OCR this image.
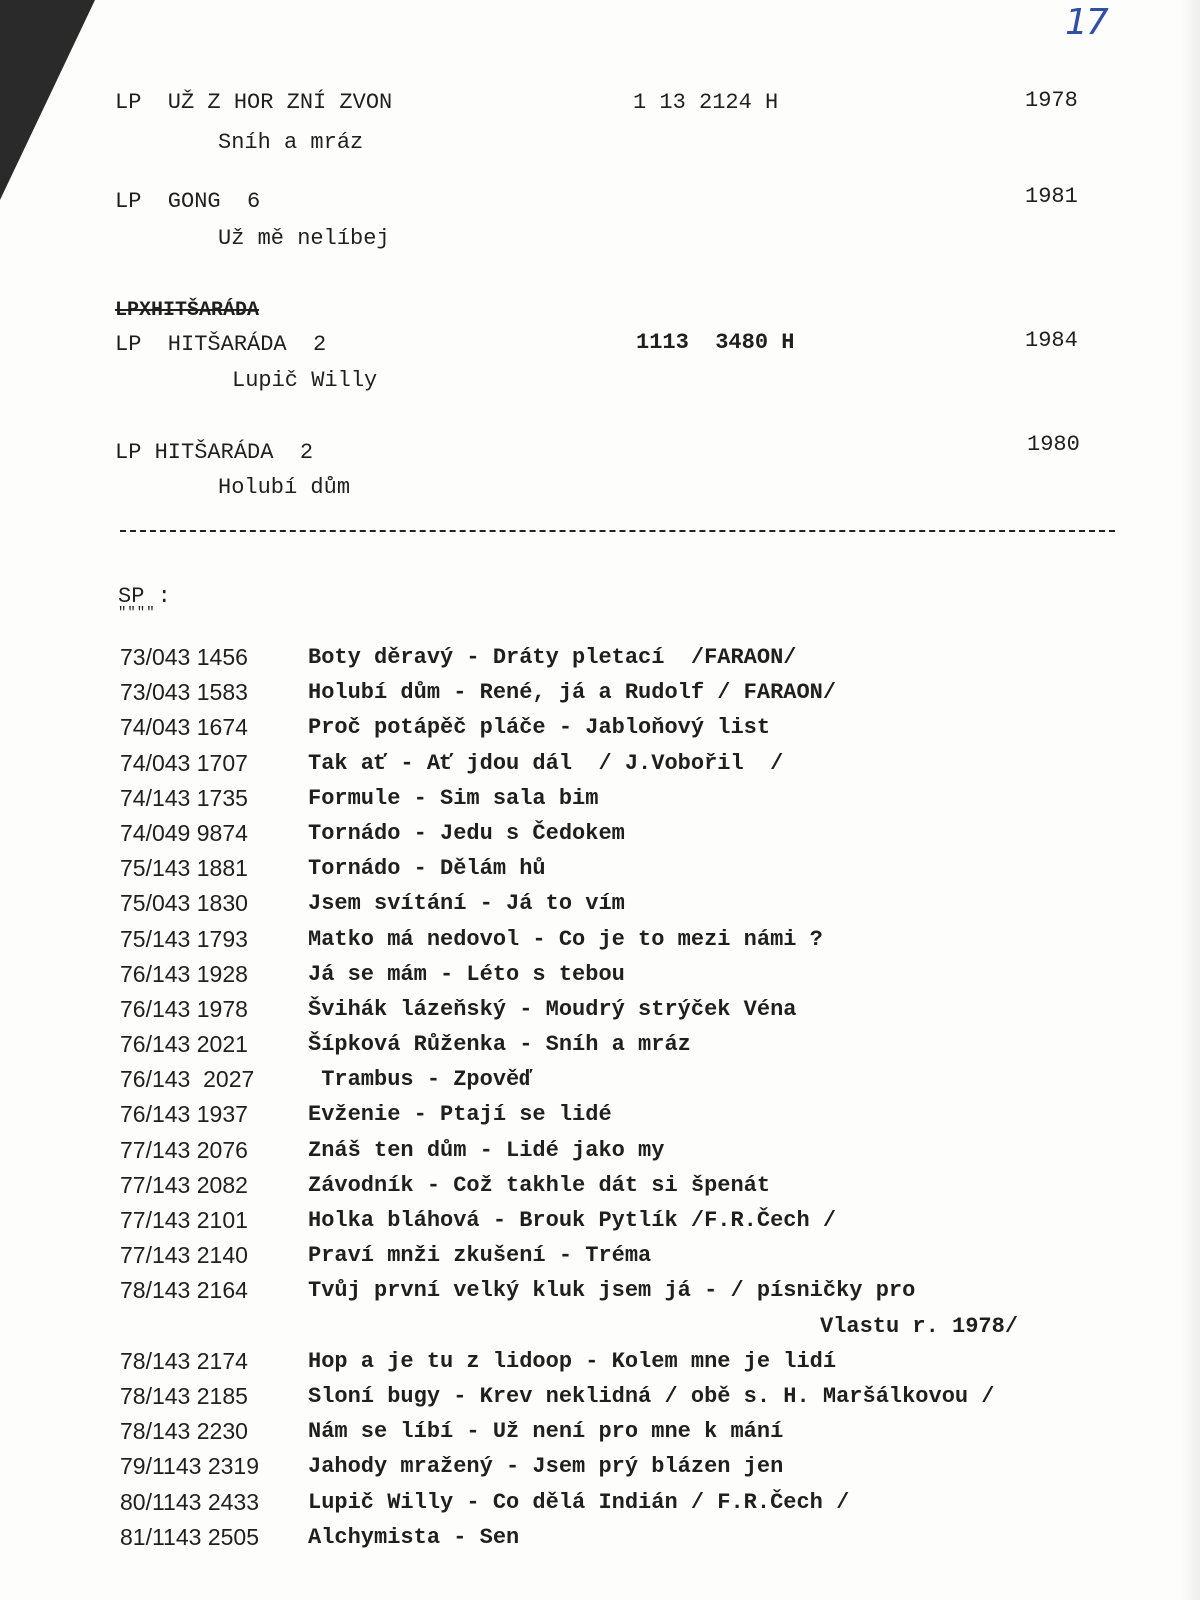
17
LP  UŽ Z HOR ZNÍ ZVON	1 13 2124 H	1978
Sníh a mráz
LP  GONG  6	1981
Už mě nelíbej
LPXHITŠARÁDA
LP  HITŠARÁDA  2	1113  3480 H	1984
Lupič Willy
LP HITŠARÁDA  2	1980
Holubí dům
SP :
""""
73/043 1456	Boty děravý - Dráty pletací  /FARAON/
73/043 1583	Holubí dům - René, já a Rudolf / FARAON/
74/043 1674	Proč potápěč pláče - Jabloňový list
74/043 1707	Tak ať - Ať jdou dál  / J.Vobořil  /
74/143 1735	Formule - Sim sala bim
74/049 9874	Tornádo - Jedu s Čedokem
75/143 1881	Tornádo - Dělám hů
75/043 1830	Jsem svítání - Já to vím
75/143 1793	Matko má nedovol - Co je to mezi námi ?
76/143 1928	Já se mám - Léto s tebou
76/143 1978	Švihák lázeňský - Moudrý strýček Véna
76/143 2021	Šípková Růženka - Sníh a mráz
76/143  2027 Trambus - Zpověď
76/143 1937	Evženie - Ptají se lidé
77/143 2076	Znáš ten dům - Lidé jako my
77/143 2082	Závodník - Což takhle dát si špenát
77/143 2101	Holka bláhová - Brouk Pytlík /F.R.Čech /
77/143 2140	Praví mnži zkušení - Tréma
78/143 2164	Tvůj první velký kluk jsem já - / písničky pro
Vlastu r. 1978/
78/143 2174	Hop a je tu z lidoop - Kolem mne je lidí
78/143 2185	Sloní bugy - Krev neklidná / obě s. H. Maršálkovou /
78/143 2230	Nám se líbí - Už není pro mne k mání
79/1143 2319 Jahody mražený - Jsem prý blázen jen
80/1143 2433 Lupič Willy - Co dělá Indián / F.R.Čech /
81/1143 2505 Alchymista - Sen
